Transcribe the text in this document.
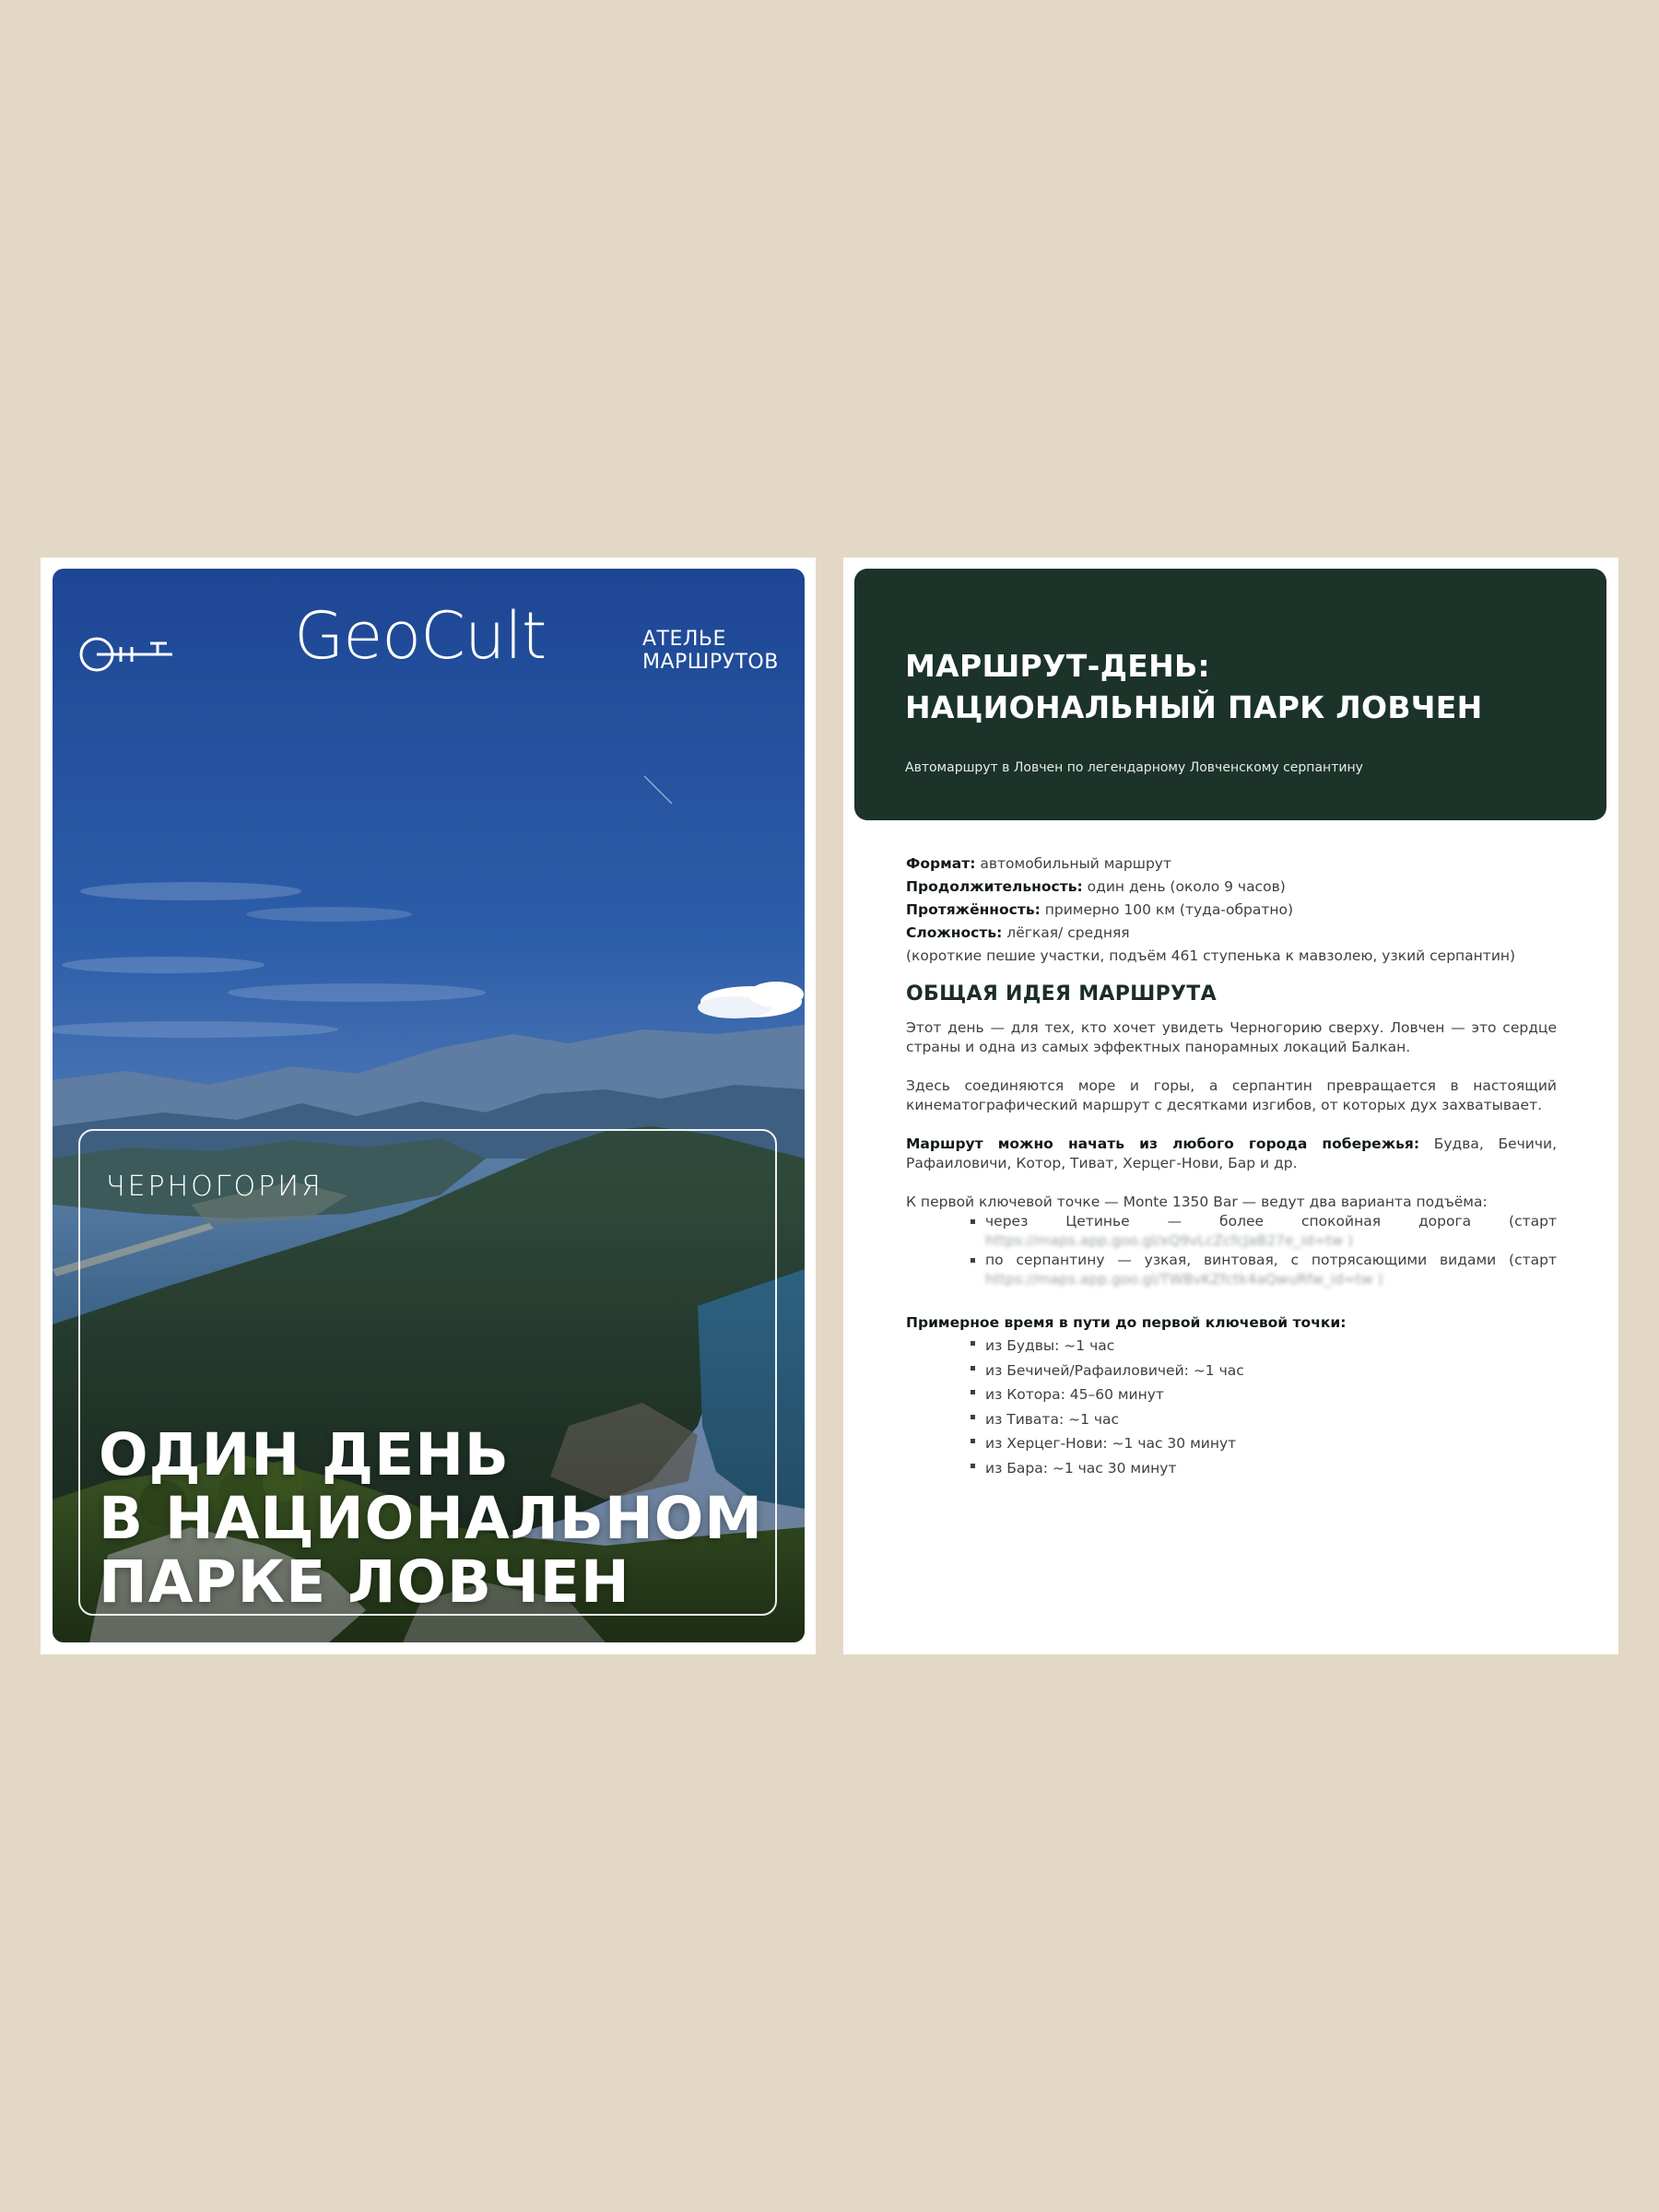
GeoCult	АТЕЛЬЕ
МАРШРУТОВ
ЧЕРНОГОРИЯ
ОДИН ДЕНЬ
В НАЦИОНАЛЬНОМ
ПАРКЕ ЛОВЧЕН
МАРШРУТ-ДЕНЬ:
НАЦИОНАЛЬНЫЙ ПАРК ЛОВЧЕН
Автомаршрут в Ловчен по легендарному Ловченскому серпантину
Формат: автомобильный маршрут
Продолжительность: один день (около 9 часов)
Протяжённость: примерно 100 км (туда-обратно)
Сложность: лёгкая/ средняя
(короткие пешие участки, подъём 461 ступенька к мавзолею, узкий серпантин)
ОБЩАЯ ИДЕЯ МАРШРУТА

Этот день — для тех, кто хочет увидеть Черногорию сверху. Ловчен — это сердце страны и одна из самых эффектных панорамных локаций Балкан.

Здесь соединяются море и горы, а серпантин превращается в настоящий кинематографический маршрут с десятками изгибов, от которых дух захватывает.

Маршрут можно начать из любого города побережья: Будва, Бечичи, Рафаиловичи, Котор, Тиват, Херцег-Нови, Бар и др.

К первой ключевой точке — Monte 1350 Bar — ведут два варианта подъёма:
через Цетинье — более спокойная дорога (старт https://maps.app.goo.gl/xQ9vLcZcfcJaB27e_id=tw )
по серпантину — узкая, винтовая, с потрясающими видами (старт https://maps.app.goo.gl/TWBvKZfctk4aQwuRfw_id=tw )
Примерное время в пути до первой ключевой точки:
из Будвы: ~1 час
из Бечичей/Рафаиловичей: ~1 час
из Котора: 45–60 минут
из Тивата: ~1 час
из Херцег-Нови: ~1 час 30 минут
из Бара: ~1 час 30 минут
